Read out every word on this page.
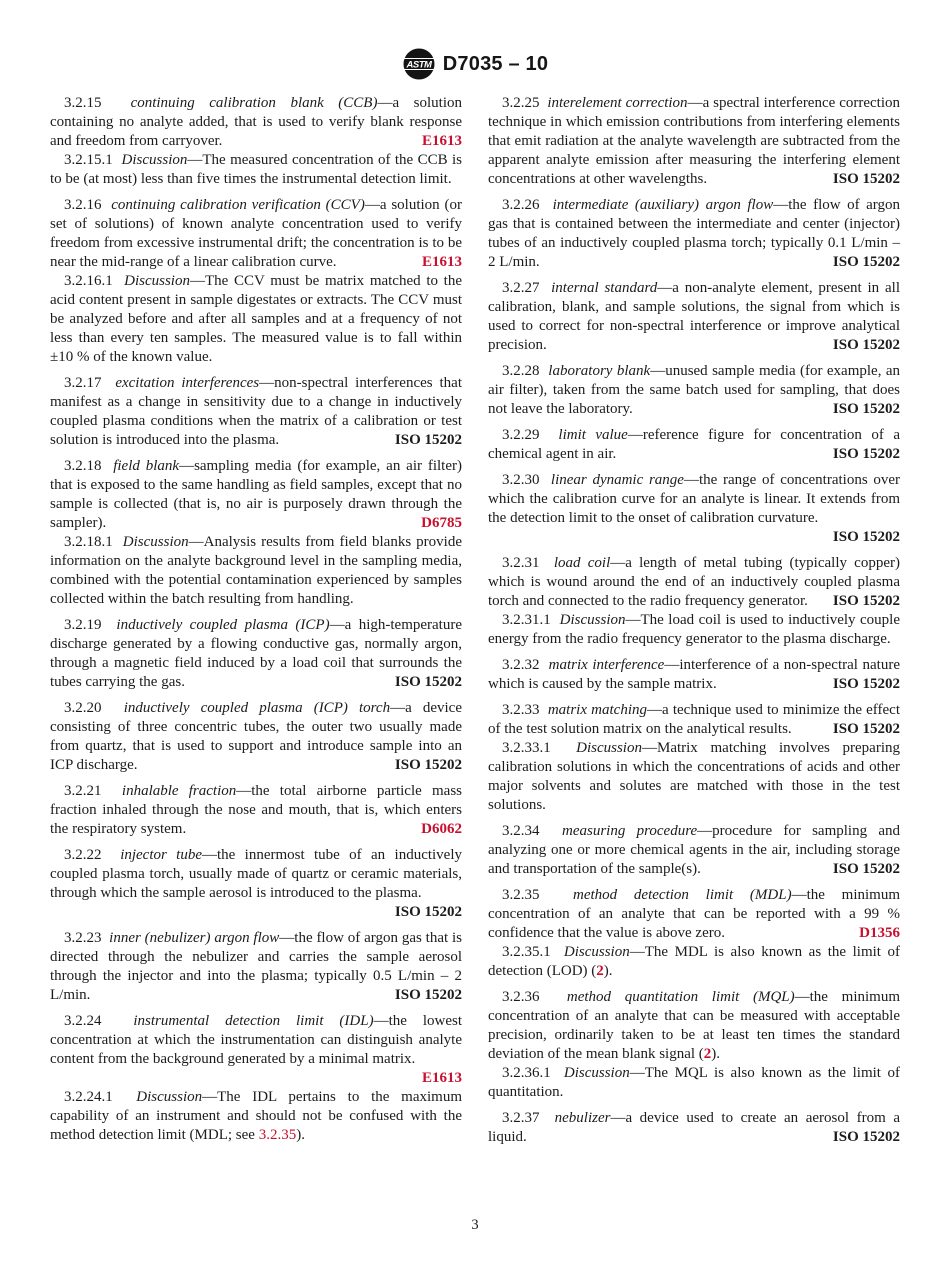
ASTM D7035 – 10

3.2.15  continuing calibration blank (CCB)—a solution containing no analyte added, that is used to verify blank response and freedom from carryover.	E1613

3.2.15.1  Discussion—The measured concentration of the CCB is to be (at most) less than five times the instrumental detection limit.

3.2.16  continuing calibration verification (CCV)—a solution (or set of solutions) of known analyte concentration used to verify freedom from excessive instrumental drift; the concentration is to be near the mid-range of a linear calibration curve.	E1613

3.2.16.1  Discussion—The CCV must be matrix matched to the acid content present in sample digestates or extracts. The CCV must be analyzed before and after all samples and at a frequency of not less than every ten samples. The measured value is to fall within ±10 % of the known value.

3.2.17  excitation interferences—non-spectral interferences that manifest as a change in sensitivity due to a change in inductively coupled plasma conditions when the matrix of a calibration or test solution is introduced into the plasma.	ISO 15202

3.2.18  field blank—sampling media (for example, an air filter) that is exposed to the same handling as field samples, except that no sample is collected (that is, no air is purposely drawn through the sampler).	D6785

3.2.18.1  Discussion—Analysis results from field blanks provide information on the analyte background level in the sampling media, combined with the potential contamination experienced by samples collected within the batch resulting from handling.

3.2.19  inductively coupled plasma (ICP)—a high-temperature discharge generated by a flowing conductive gas, normally argon, through a magnetic field induced by a load coil that surrounds the tubes carrying the gas.	ISO 15202

3.2.20  inductively coupled plasma (ICP) torch—a device consisting of three concentric tubes, the outer two usually made from quartz, that is used to support and introduce sample into an ICP discharge.	ISO 15202

3.2.21  inhalable fraction—the total airborne particle mass fraction inhaled through the nose and mouth, that is, which enters the respiratory system.	D6062

3.2.22  injector tube—the innermost tube of an inductively coupled plasma torch, usually made of quartz or ceramic materials, through which the sample aerosol is introduced to the plasma.
ISO 15202

3.2.23  inner (nebulizer) argon flow—the flow of argon gas that is directed through the nebulizer and carries the sample aerosol through the injector and into the plasma; typically 0.5 L/min – 2 L/min.	ISO 15202

3.2.24  instrumental detection limit (IDL)—the lowest concentration at which the instrumentation can distinguish analyte content from the background generated by a minimal matrix.
E1613

3.2.24.1  Discussion—The IDL pertains to the maximum capability of an instrument and should not be confused with the method detection limit (MDL; see 3.2.35).

3.2.25  interelement correction—a spectral interference correction technique in which emission contributions from interfering elements that emit radiation at the analyte wavelength are subtracted from the apparent analyte emission after measuring the interfering element concentrations at other wavelengths.	ISO 15202

3.2.26  intermediate (auxiliary) argon flow—the flow of argon gas that is contained between the intermediate and center (injector) tubes of an inductively coupled plasma torch; typically 0.1 L/min – 2 L/min.	ISO 15202

3.2.27  internal standard—a non-analyte element, present in all calibration, blank, and sample solutions, the signal from which is used to correct for non-spectral interference or improve analytical precision.	ISO 15202

3.2.28  laboratory blank—unused sample media (for example, an air filter), taken from the same batch used for sampling, that does not leave the laboratory.	ISO 15202

3.2.29  limit value—reference figure for concentration of a chemical agent in air.	ISO 15202

3.2.30  linear dynamic range—the range of concentrations over which the calibration curve for an analyte is linear. It extends from the detection limit to the onset of calibration curvature.
ISO 15202

3.2.31  load coil—a length of metal tubing (typically copper) which is wound around the end of an inductively coupled plasma torch and connected to the radio frequency generator.	ISO 15202

3.2.31.1  Discussion—The load coil is used to inductively couple energy from the radio frequency generator to the plasma discharge.

3.2.32  matrix interference—interference of a non-spectral nature which is caused by the sample matrix.	ISO 15202

3.2.33  matrix matching—a technique used to minimize the effect of the test solution matrix on the analytical results.	ISO 15202

3.2.33.1  Discussion—Matrix matching involves preparing calibration solutions in which the concentrations of acids and other major solvents and solutes are matched with those in the test solutions.

3.2.34  measuring procedure—procedure for sampling and analyzing one or more chemical agents in the air, including storage and transportation of the sample(s).	ISO 15202

3.2.35  method detection limit (MDL)—the minimum concentration of an analyte that can be reported with a 99 % confidence that the value is above zero.	D1356

3.2.35.1  Discussion—The MDL is also known as the limit of detection (LOD) (2).

3.2.36  method quantitation limit (MQL)—the minimum concentration of an analyte that can be measured with acceptable precision, ordinarily taken to be at least ten times the standard deviation of the mean blank signal (2).

3.2.36.1  Discussion—The MQL is also known as the limit of quantitation.

3.2.37  nebulizer—a device used to create an aerosol from a liquid.	ISO 15202

3
